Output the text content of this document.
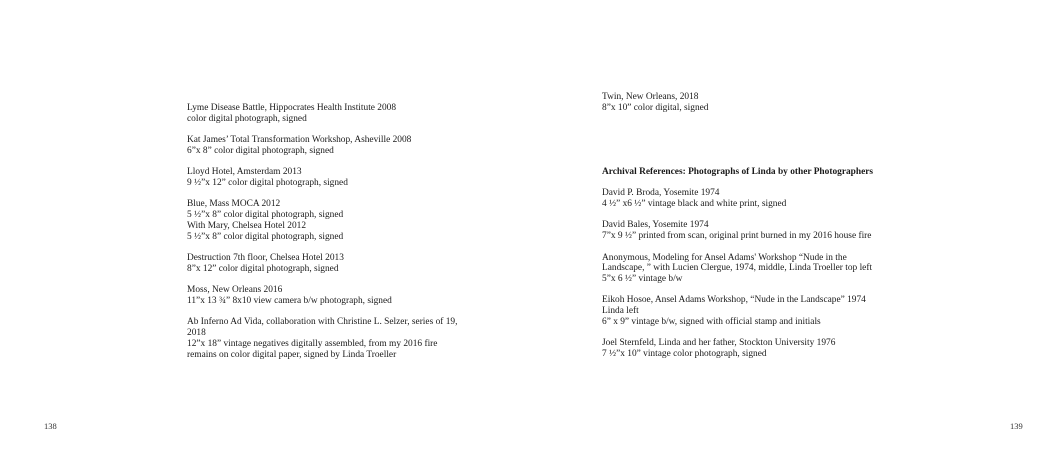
Lyme Disease Battle, Hippocrates Health Institute 2008
color digital photograph, signed
Kat James’ Total Transformation Workshop, Asheville 2008
6”x 8” color digital photograph, signed
Lloyd Hotel, Amsterdam 2013
9 ½”x 12” color digital photograph, signed
Blue, Mass MOCA 2012
5 ½”x 8” color digital photograph, signed
With Mary, Chelsea Hotel 2012
5 ½”x 8” color digital photograph, signed
Destruction 7th floor, Chelsea Hotel 2013
8”x 12” color digital photograph, signed
Moss, New Orleans 2016
11”x 13 ¾” 8x10 view camera b/w photograph, signed
Ab Inferno Ad Vida, collaboration with Christine L. Selzer, series of 19,
2018
12”x 18” vintage negatives digitally assembled, from my 2016 fire
remains on color digital paper, signed by Linda Troeller
Twin, New Orleans, 2018
8”x 10” color digital, signed
Archival References: Photographs of Linda by other Photographers
David P. Broda, Yosemite 1974
4 ½” x6 ½” vintage black and white print, signed
David Bales, Yosemite 1974
7”x 9 ½” printed from scan, original print burned in my 2016 house fire
Anonymous, Modeling for Ansel Adams' Workshop “Nude in the
Landscape, ” with Lucien Clergue, 1974, middle, Linda Troeller top left
5”x 6 ½” vintage b/w
Eikoh Hosoe, Ansel Adams Workshop, “Nude in the Landscape” 1974
Linda left
6” x 9” vintage b/w, signed with official stamp and initials
Joel Sternfeld, Linda and her father, Stockton University 1976
7 ½”x 10” vintage color photograph, signed
138	139
